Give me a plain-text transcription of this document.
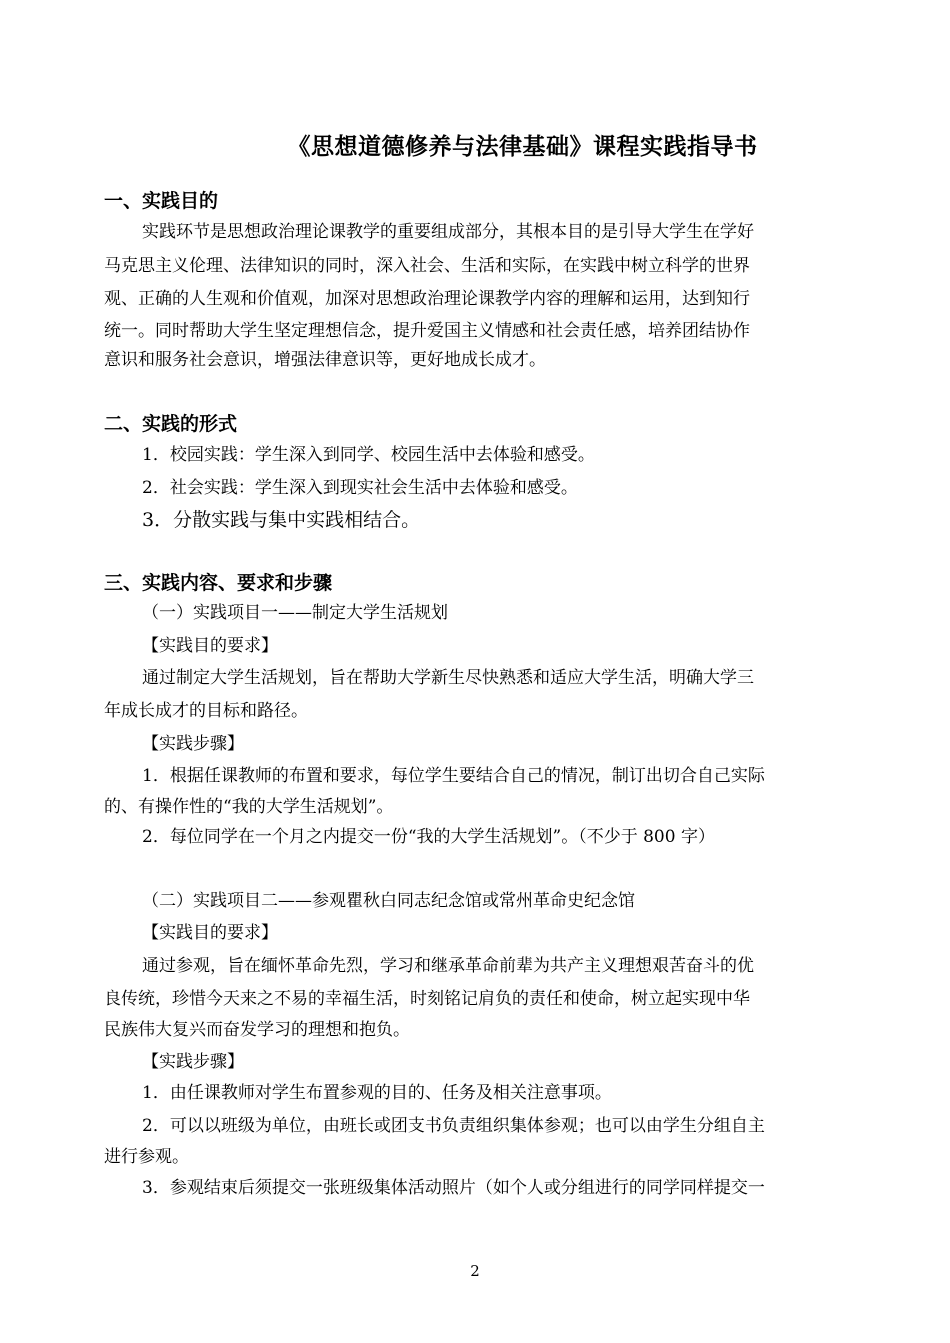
《思想道德修养与法律基础》课程实践指导书
一、实践目的
实践环节是思想政治理论课教学的重要组成部分，其根本目的是引导大学生在学好
马克思主义伦理、法律知识的同时，深入社会、生活和实际，在实践中树立科学的世界
观、正确的人生观和价值观，加深对思想政治理论课教学内容的理解和运用，达到知行
统一。同时帮助大学生坚定理想信念，提升爱国主义情感和社会责任感，培养团结协作
意识和服务社会意识，增强法律意识等，更好地成长成才。
二、实践的形式
1．校园实践：学生深入到同学、校园生活中去体验和感受。
2．社会实践：学生深入到现实社会生活中去体验和感受。
3．分散实践与集中实践相结合。
三、实践内容、要求和步骤
（一）实践项目一——制定大学生活规划
【实践目的要求】
通过制定大学生活规划，旨在帮助大学新生尽快熟悉和适应大学生活，明确大学三
年成长成才的目标和路径。
【实践步骤】
1．根据任课教师的布置和要求，每位学生要结合自己的情况，制订出切合自己实际
的、有操作性的“我的大学生活规划”。
2．每位同学在一个月之内提交一份“我的大学生活规划”。（不少于 800 字）
（二）实践项目二——参观瞿秋白同志纪念馆或常州革命史纪念馆
【实践目的要求】
通过参观，旨在缅怀革命先烈，学习和继承革命前辈为共产主义理想艰苦奋斗的优
良传统，珍惜今天来之不易的幸福生活，时刻铭记肩负的责任和使命，树立起实现中华
民族伟大复兴而奋发学习的理想和抱负。
【实践步骤】
1．由任课教师对学生布置参观的目的、任务及相关注意事项。
2．可以以班级为单位，由班长或团支书负责组织集体参观；也可以由学生分组自主
进行参观。
3．参观结束后须提交一张班级集体活动照片（如个人或分组进行的同学同样提交一
2
